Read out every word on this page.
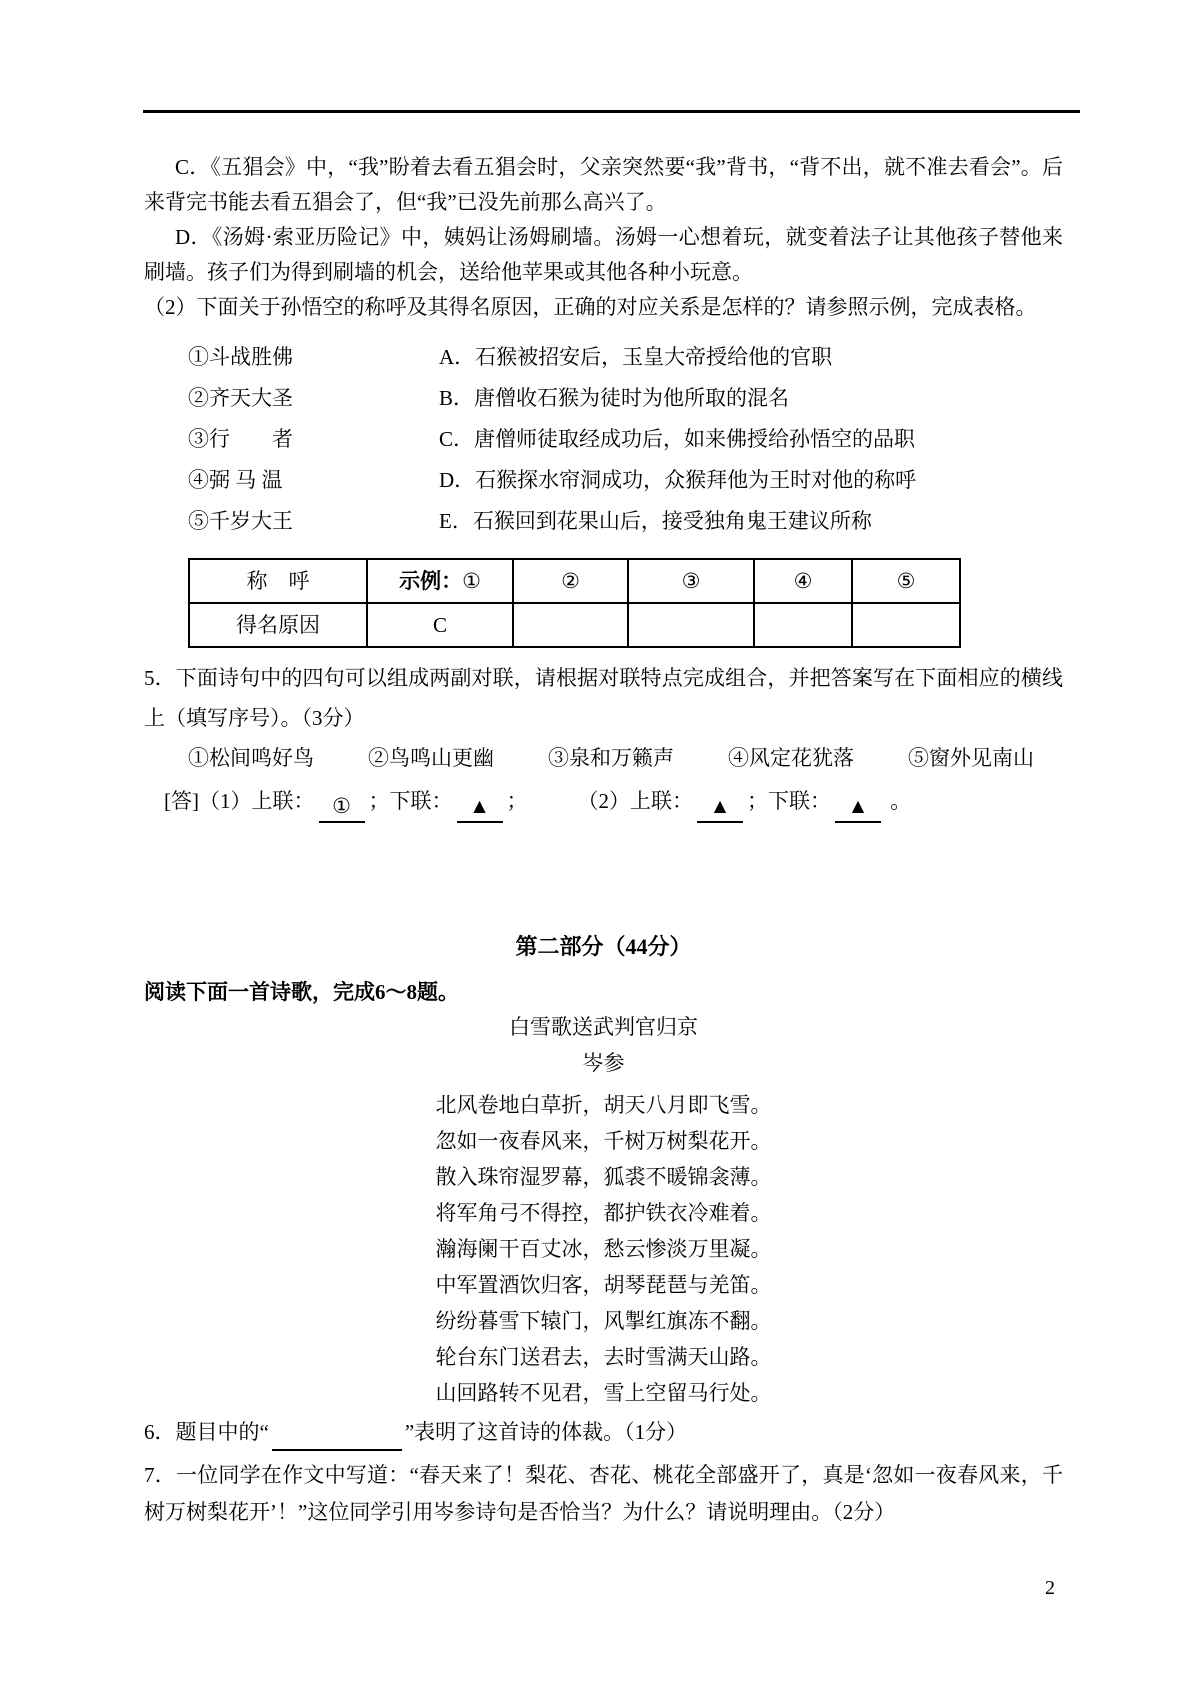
C．《五猖会》中，“我”盼着去看五猖会时，父亲突然要“我”背书，“背不出，就不准去看会”。后来背完书能去看五猖会了，但“我”已没先前那么高兴了。

D．《汤姆·索亚历险记》中，姨妈让汤姆刷墙。汤姆一心想着玩，就变着法子让其他孩子替他来刷墙。孩子们为得到刷墙的机会，送给他苹果或其他各种小玩意。

（2）下面关于孙悟空的称呼及其得名原因，正确的对应关系是怎样的？请参照示例，完成表格。

①斗战胜佛	A．石猴被招安后，玉皇大帝授给他的官职
②齐天大圣	B．唐僧收石猴为徒时为他所取的混名
③行　　者	C．唐僧师徒取经成功后，如来佛授给孙悟空的品职
④弼 马 温	D．石猴探水帘洞成功，众猴拜他为王时对他的称呼
⑤千岁大王	E．石猴回到花果山后，接受独角鬼王建议所称
称　呼	示例：①	②	③	④	⑤
得名原因	C				

5．下面诗句中的四句可以组成两副对联，请根据对联特点完成组合，并把答案写在下面相应的横线上（填写序号）。（3分）

①松间鸣好鸟	②鸟鸣山更幽	③泉和万籁声	④风定花犹落	⑤窗外见南山
[答]（1）上联： ① ；下联： ▲ ； （2）上联： ▲ ；下联： ▲ 。

第二部分（44分）

阅读下面一首诗歌，完成6～8题。

白雪歌送武判官归京

岑参

北风卷地白草折，胡天八月即飞雪。

忽如一夜春风来，千树万树梨花开。

散入珠帘湿罗幕，狐裘不暖锦衾薄。

将军角弓不得控，都护铁衣冷难着。

瀚海阑干百丈冰，愁云惨淡万里凝。

中军置酒饮归客，胡琴琵琶与羌笛。

纷纷暮雪下辕门，风掣红旗冻不翻。

轮台东门送君去，去时雪满天山路。

山回路转不见君，雪上空留马行处。

6．题目中的“	”表明了这首诗的体裁。（1分）

7．一位同学在作文中写道：“春天来了！梨花、杏花、桃花全部盛开了，真是‘忽如一夜春风来，千树万树梨花开’！”这位同学引用岑参诗句是否恰当？为什么？请说明理由。（2分）

2
